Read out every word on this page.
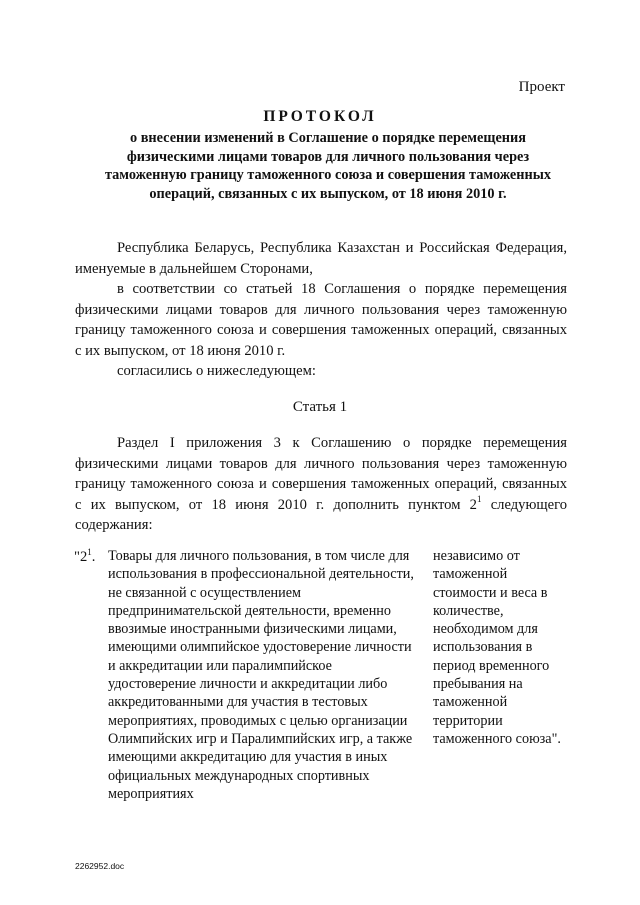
Проект
ПРОТОКОЛ
о внесении изменений в Соглашение о порядке перемещения физическими лицами товаров для личного пользования через таможенную границу таможенного союза и совершения таможенных операций, связанных с их выпуском, от 18 июня 2010 г.
Республика Беларусь, Республика Казахстан и Российская Федерация, именуемые в дальнейшем Сторонами,
в соответствии со статьей 18 Соглашения о порядке перемещения физическими лицами товаров для личного пользования через таможенную границу таможенного союза и совершения таможенных операций, связанных с их выпуском, от 18 июня 2010 г.
согласились о нижеследующем:
Статья 1
Раздел I приложения 3 к Соглашению о порядке перемещения физическими лицами товаров для личного пользования через таможенную границу таможенного союза и совершения таможенных операций, связанных с их выпуском, от 18 июня 2010 г. дополнить пунктом $2^1$ следующего содержания:
"$2^1$. Товары для личного пользования, в том числе для использования в профессиональной деятельности, не связанной с осуществлением предпринимательской деятельности, временно ввозимые иностранными физическими лицами, имеющими олимпийское удостоверение личности и аккредитации или паралимпийское удостоверение личности и аккредитации либо аккредитованными для участия в тестовых мероприятиях, проводимых с целью организации Олимпийских игр и Паралимпийских игр, а также имеющими аккредитацию для участия в иных официальных международных спортивных мероприятиях
независимо от таможенной стоимости и веса в количестве, необходимом для использования в период временного пребывания на таможенной территории таможенного союза".
2262952.doc
